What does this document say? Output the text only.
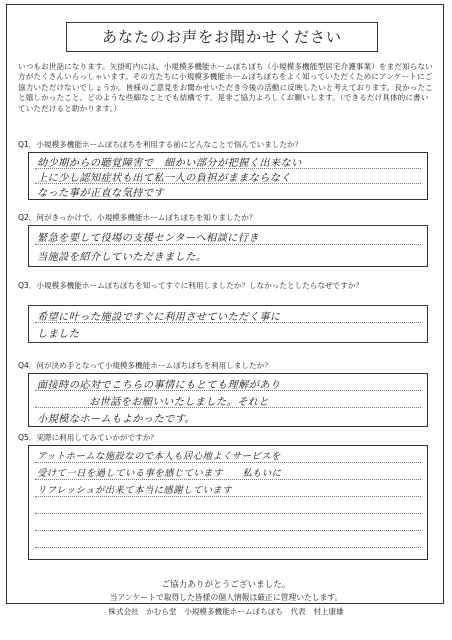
あなたのお声をお聞かせください
いつもお世話になります。矢掛町内には、小規模多機能ホームぽちぽち（小規模多機能型居宅介護事業）をまだ知らない方がたくさんいらっしゃいます。その方たちに小規模多機能ホームぽちぽちをよく知っていただくためにアンケートにご協力いただけないでしょうか。皆様のご意見をお聞かせいただき今後の活動に反映したいと考えております。良かったこと嬉しかったこと、どのような些細なことでも結構です。是非ご協力よろしくお願いします。（できるだけ具体的に書いていただけると助かります。）
Q1．小規模多機能ホームぽちぽちを利用する前にどんなことで悩んでいましたか？
幼少期からの聴覚障害で　細かい部分が把握く出来ない
上に少し認知症状も出て私一人の負担がままならなく
なった事が正直な気持です
Q2．何がきっかけで、小規模多機能ホームぽちぽちを知りましたか？
緊急を要して役場の支援センターへ相談に行き
当施設を紹介していただきました。
Q3．小規模多機能ホームぽちぽちを知ってすぐに利用しましたか？しなかったとしたらなぜですか？
希望に叶った施設ですぐに利用させていただく事に
しました
Q4．何が決め手となって小規模多機能ホームぽちぽちを利用しましたか？
面接時の応対でこちらの事情にもとても理解があり
お世話をお願いいたしました。それと
小規模なホームもよかったです。
Q5．実際に利用してみていかがですか？
アットホームな施設なので本人も居心地よくサービスを
受けて一日を過している事を感じています　　私もいに
リフレッシュが出来て本当に感謝しています
ご協力ありがとうございました。
当アンケートで取得した皆様の個人情報は厳正に管理いたします。
株式会社　かむら堂　小規模多機能ホームぽちぽち　代表　村上康雄
